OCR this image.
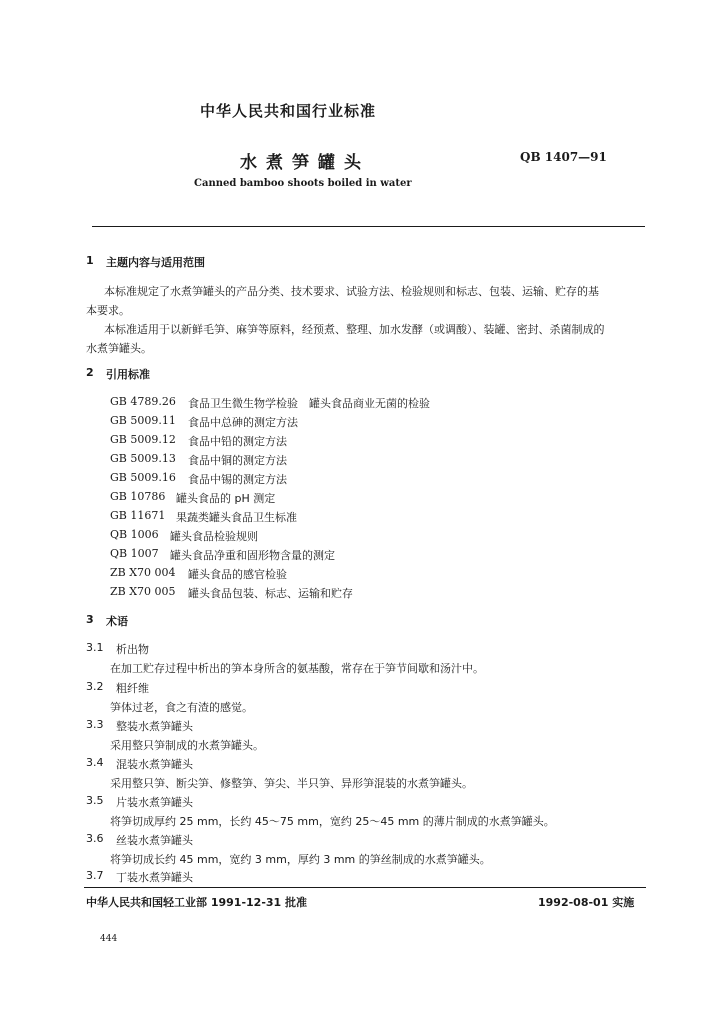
中华人民共和国行业标准
水煮笋罐头	QB 1407—91
Canned bamboo shoots boiled in water
1 主题内容与适用范围
本标准规定了水煮笋罐头的产品分类、技术要求、试验方法、检验规则和标志、包装、运输、贮存的基
本要求。
本标准适用于以新鲜毛笋、麻笋等原料，经预煮、整理、加水发酵（或调酸）、装罐、密封、杀菌制成的
水煮笋罐头。
2 引用标准
GB 4789.26 食品卫生微生物学检验　罐头食品商业无菌的检验
GB 5009.11 食品中总砷的测定方法
GB 5009.12 食品中铅的测定方法
GB 5009.13 食品中铜的测定方法
GB 5009.16 食品中锡的测定方法
GB 10786 罐头食品的 pH 测定
GB 11671 果蔬类罐头食品卫生标准
QB 1006 罐头食品检验规则
QB 1007 罐头食品净重和固形物含量的测定
ZB X70 004 罐头食品的感官检验
ZB X70 005 罐头食品包装、标志、运输和贮存
3 术语
3.1 析出物
在加工贮存过程中析出的笋本身所含的氨基酸，常存在于笋节间歇和汤汁中。
3.2 粗纤维
笋体过老，食之有渣的感觉。
3.3 整装水煮笋罐头
采用整只笋制成的水煮笋罐头。
3.4 混装水煮笋罐头
采用整只笋、断尖笋、修整笋、笋尖、半只笋、异形笋混装的水煮笋罐头。
3.5 片装水煮笋罐头
将笋切成厚约 25 mm，长约 45～75 mm，宽约 25～45 mm 的薄片制成的水煮笋罐头。
3.6 丝装水煮笋罐头
将笋切成长约 45 mm，宽约 3 mm，厚约 3 mm 的笋丝制成的水煮笋罐头。
3.7 丁装水煮笋罐头
中华人民共和国轻工业部 1991-12-31 批准	1992-08-01 实施
444
